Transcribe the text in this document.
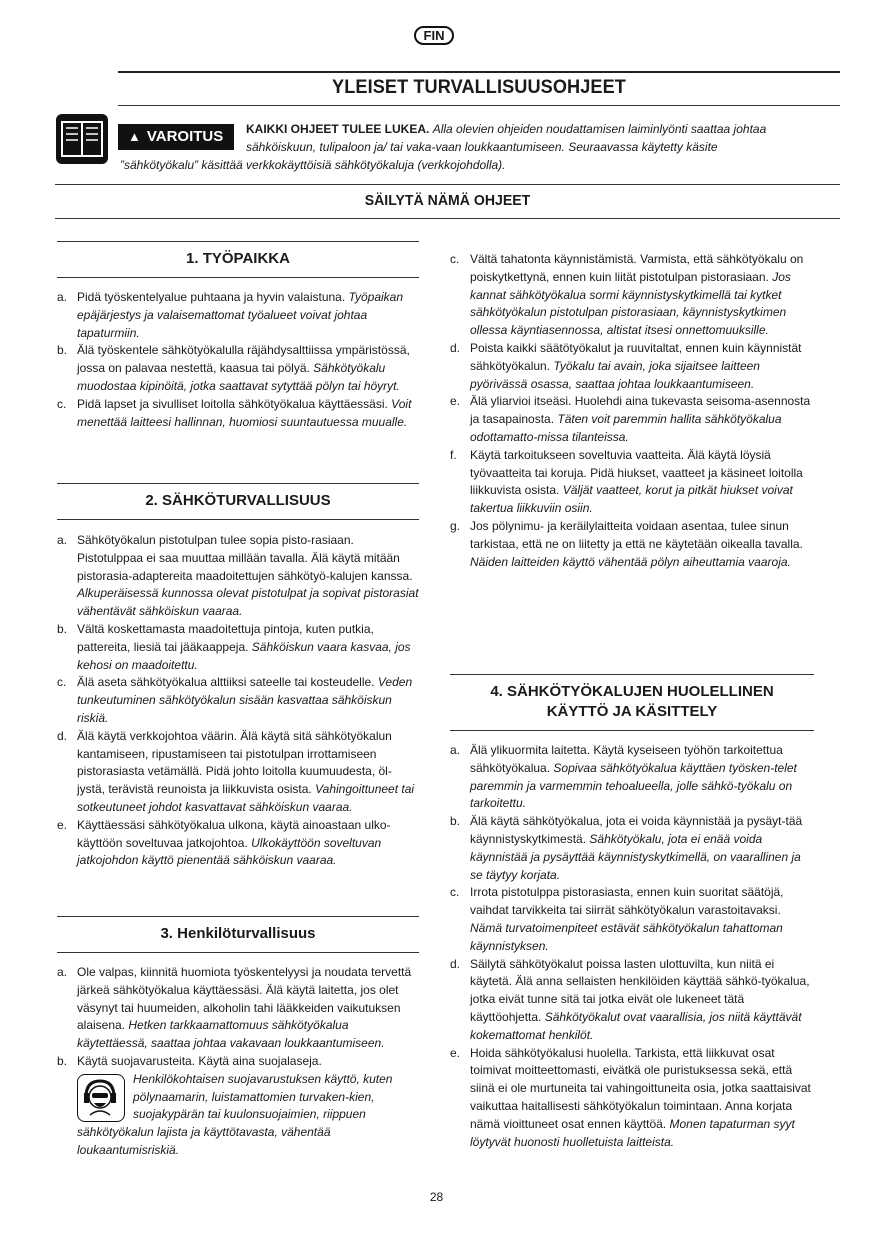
FIN
YLEISET TURVALLISUUSOHJEET
▲ VAROITUS	KAIKKI OHJEET TULEE LUKEA. Alla olevien ohjeiden noudattamisen laiminlyönti saattaa johtaa
sähköiskuun, tulipaloon ja/ tai vaka-vaan loukkaantumiseen. Seuraavassa käytetty käsite
”sähkötyökalu” käsittää verkkokäyttöisiä sähkötyökaluja (verkkojohdolla).
SÄILYTÄ NÄMÄ OHJEET
1. TYÖPAIKKA
a. Pidä työskentelyalue puhtaana ja hyvin valaistuna. Työpaikan epäjärjestys ja valaisemattomat työalueet voivat johtaa tapaturmiin.
b. Älä työskentele sähkötyökalulla räjähdysalttiissa ympäristössä, jossa on palavaa nestettä, kaasua tai pölyä. Sähkötyökalu muodostaa kipinöitä, jotka saattavat sytyttää pölyn tai höyryt.
c. Pidä lapset ja sivulliset loitolla sähkötyökalua käyttäessäsi. Voit menettää laitteesi hallinnan, huomiosi suuntautuessa muualle.
2. SÄHKÖTURVALLISUUS
a. Sähkötyökalun pistotulpan tulee sopia pisto-rasiaan. Pistotulppaa ei saa muuttaa millään tavalla. Älä käytä mitään pistorasia-adaptereita maadoitettujen sähkötyö-kalujen kanssa. Alkuperäisessä kunnossa olevat pistotulpat ja sopivat pistorasiat vähentävät sähköiskun vaaraa.
b. Vältä koskettamasta maadoitettuja pintoja, kuten putkia, pattereita, liesiä tai jääkaappeja. Sähköiskun vaara kasvaa, jos kehosi on maadoitettu.
c. Älä aseta sähkötyökalua alttiiksi sateelle tai kosteudelle. Veden tunkeutuminen sähkötyökalun sisään kasvattaa sähköiskun riskiä.
d. Älä käytä verkkojohtoa väärin. Älä käytä sitä sähkötyökalun kantamiseen, ripustamiseen tai pistotulpan irrottamiseen pistorasiasta vetämällä. Pidä johto loitolla kuumuudesta, öl-jystä, terävistä reunoista ja liikkuvista osista. Vahingoittuneet tai sotkeutuneet johdot kasvattavat sähköiskun vaaraa.
e. Käyttäessäsi sähkötyökalua ulkona, käytä ainoastaan ulko-käyttöön soveltuvaa jatkojohtoa. Ulkokäyttöön soveltuvan jatkojohdon käyttö pienentää sähköiskun vaaraa.
3. Henkilöturvallisuus
a. Ole valpas, kiinnitä huomiota työskentelyysi ja noudata tervettä järkeä sähkötyökalua käyttäessäsi. Älä käytä laitetta, jos olet väsynyt tai huumeiden, alkoholin tahi lääkkeiden vaikutuksen alaisena. Hetken tarkkaamattomuus sähkötyökalua käytettäessä, saattaa johtaa vakavaan loukkaantumiseen.
b. Käytä suojavarusteita. Käytä aina suojalaseja.

Henkilökohtaisen suojavarustuksen käyttö, kuten pölynaamarin, luistamattomien turvaken-kien, suojakypärän tai kuulonsuojaimien, riippuen sähkötyökalun lajista ja käyttötavasta, vähentää loukaantumisriskiä.
c. Vältä tahatonta käynnistämistä. Varmista, että sähkötyökalu on poiskytkettynä, ennen kuin liität pistotulpan pistorasiaan. Jos kannat sähkötyökalua sormi käynnistyskytkimellä tai kytket sähkötyökalun pistotulpan pistorasiaan, käynnistyskytkimen ollessa käyntiasennossa, altistat itsesi onnettomuuksille.
d. Poista kaikki säätötyökalut ja ruuvitaltat, ennen kuin käynnistät sähkötyökalun. Työkalu tai avain, joka sijaitsee laitteen pyörivässä osassa, saattaa johtaa loukkaantumiseen.
e. Älä yliarvioi itseäsi. Huolehdi aina tukevasta seisoma-asennosta ja tasapainosta. Täten voit paremmin hallita sähkötyökalua odottamatto-missa tilanteissa.
f. Käytä tarkoitukseen soveltuvia vaatteita. Älä käytä löysiä työvaatteita tai koruja. Pidä hiukset, vaatteet ja käsineet loitolla liikkuvista osista. Väljät vaatteet, korut ja pitkät hiukset voivat takertua liikkuviin osiin.
g. Jos pölynimu- ja keräilylaitteita voidaan asentaa, tulee sinun tarkistaa, että ne on liitetty ja että ne käytetään oikealla tavalla. Näiden laitteiden käyttö vähentää pölyn aiheuttamia vaaroja.
4. SÄHKÖTYÖKALUJEN HUOLELLINEN
KÄYTTÖ JA KÄSITTELY
a. Älä ylikuormita laitetta. Käytä kyseiseen työhön tarkoitettua sähkötyökalua. Sopivaa sähkötyökalua käyttäen työsken-telet paremmin ja varmemmin tehoalueella, jolle sähkö-työkalu on tarkoitettu.
b. Älä käytä sähkötyökalua, jota ei voida käynnistää ja pysäyt-tää käynnistyskytkimestä. Sähkötyökalu, jota ei enää voida käynnistää ja pysäyttää käynnistyskytkimellä, on vaarallinen ja se täytyy korjata.
c. Irrota pistotulppa pistorasiasta, ennen kuin suoritat säätöjä, vaihdat tarvikkeita tai siirrät sähkötyökalun varastoitavaksi. Nämä turvatoimenpiteet estävät sähkötyökalun tahattoman käynnistyksen.
d. Säilytä sähkötyökalut poissa lasten ulottuvilta, kun niitä ei käytetä. Älä anna sellaisten henkilöiden käyttää sähkö-työkalua, jotka eivät tunne sitä tai jotka eivät ole lukeneet tätä käyttöohjetta. Sähkötyökalut ovat vaarallisia, jos niitä käyttävät kokemattomat henkilöt.
e. Hoida sähkötyökalusi huolella. Tarkista, että liikkuvat osat toimivat moitteettomasti, eivätkä ole puristuksessa sekä, että siinä ei ole murtuneita tai vahingoittuneita osia, jotka saattaisivat vaikuttaa haitallisesti sähkötyökalun toimintaan. Anna korjata nämä vioittuneet osat ennen käyttöä. Monen tapaturman syyt löytyvät huonosti huolletuista laitteista.
28
